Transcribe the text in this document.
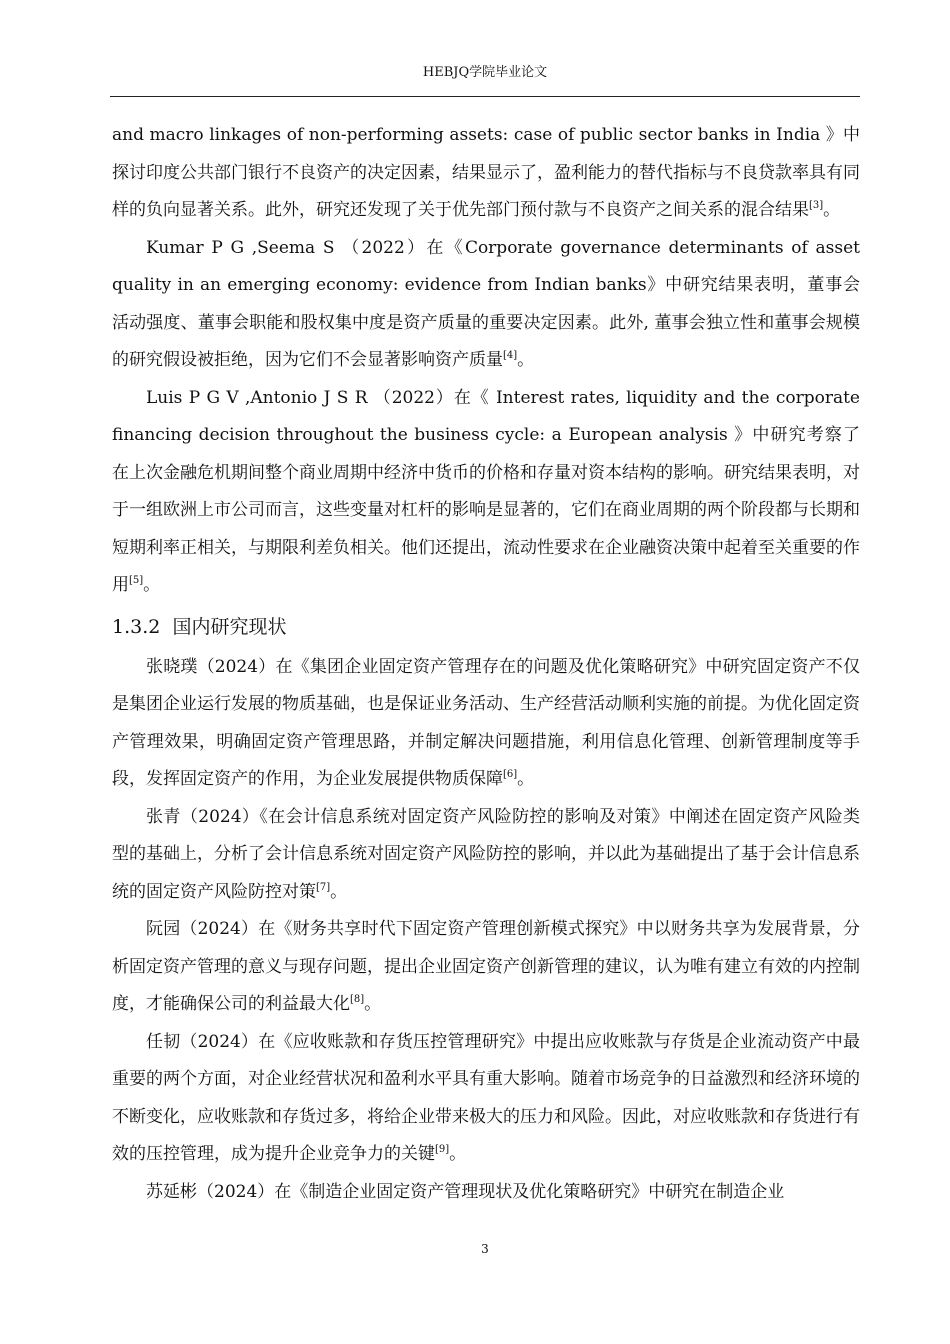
HEBJQ学院毕业论文

and macro linkages of non-performing assets: case of public sector banks in India 》中探讨印度公共部门银行不良资产的决定因素，结果显示了，盈利能力的替代指标与不良贷款率具有同样的负向显著关系。此外，研究还发现了关于优先部门预付款与不良资产之间关系的混合结果[3]。

Kumar P G ,Seema S （2022）在《Corporate governance determinants of asset quality in an emerging economy: evidence from Indian banks》中研究结果表明，董事会活动强度、董事会职能和股权集中度是资产质量的重要决定因素。此外, 董事会独立性和董事会规模的研究假设被拒绝，因为它们不会显著影响资产质量[4]。

Luis P G V ,Antonio J S R （2022）在《 Interest rates, liquidity and the corporate financing decision throughout the business cycle: a European analysis 》中研究考察了在上次金融危机期间整个商业周期中经济中货币的价格和存量对资本结构的影响。研究结果表明，对于一组欧洲上市公司而言，这些变量对杠杆的影响是显著的，它们在商业周期的两个阶段都与长期和短期利率正相关，与期限利差负相关。他们还提出，流动性要求在企业融资决策中起着至关重要的作用[5]。

1.3.2 国内研究现状

张晓璞（2024）在《集团企业固定资产管理存在的问题及优化策略研究》中研究固定资产不仅是集团企业运行发展的物质基础，也是保证业务活动、生产经营活动顺利实施的前提。为优化固定资产管理效果，明确固定资产管理思路，并制定解决问题措施，利用信息化管理、创新管理制度等手段，发挥固定资产的作用，为企业发展提供物质保障[6]。

张青（2024）《在会计信息系统对固定资产风险防控的影响及对策》中阐述在固定资产风险类型的基础上，分析了会计信息系统对固定资产风险防控的影响，并以此为基础提出了基于会计信息系统的固定资产风险防控对策[7]。

阮园（2024）在《财务共享时代下固定资产管理创新模式探究》中以财务共享为发展背景，分析固定资产管理的意义与现存问题，提出企业固定资产创新管理的建议，认为唯有建立有效的内控制度，才能确保公司的利益最大化[8]。

任韧（2024）在《应收账款和存货压控管理研究》中提出应收账款与存货是企业流动资产中最重要的两个方面，对企业经营状况和盈利水平具有重大影响。随着市场竞争的日益激烈和经济环境的不断变化，应收账款和存货过多，将给企业带来极大的压力和风险。因此，对应收账款和存货进行有效的压控管理，成为提升企业竞争力的关键[9]。

苏延彬（2024）在《制造企业固定资产管理现状及优化策略研究》中研究在制造企业

3
